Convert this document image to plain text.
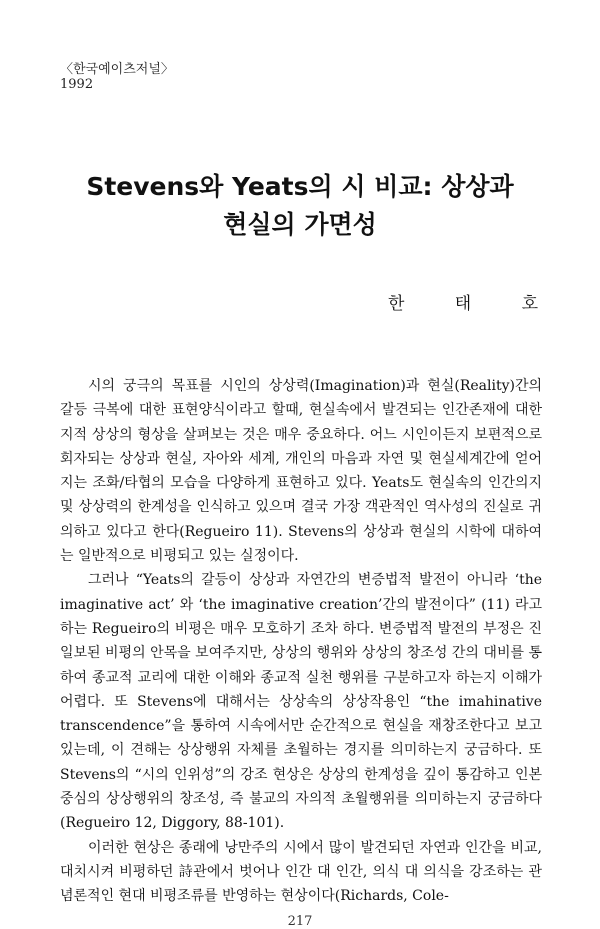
〈한국예이츠저널〉
1992
Stevens와 Yeats의 시 비교: 상상과
현실의 가면성
한	태	호

시의 궁극의 목표를 시인의 상상력(Imagination)과 현실(Reality)간의 갈등 극복에 대한 표현양식이라고 할때, 현실속에서 발견되는 인간존재에 대한 지적 상상의 형상을 살펴보는 것은 매우 중요하다. 어느 시인이든지 보편적으로 회자되는 상상과 현실, 자아와 세계, 개인의 마음과 자연 및 현실세계간에 얻어지는 조화/타협의 모습을 다양하게 표현하고 있다. Yeats도 현실속의 인간의지 및 상상력의 한계성을 인식하고 있으며 결국 가장 객관적인 역사성의 진실로 귀의하고 있다고 한다(Regueiro 11). Stevens의 상상과 현실의 시학에 대하여는 일반적으로 비평되고 있는 실정이다.

그러나 “Yeats의 갈등이 상상과 자연간의 변증법적 발전이 아니라 ‘the imaginative act’ 와 ‘the imaginative creation’간의 발전이다” (11) 라고 하는 Regueiro의 비평은 매우 모호하기 조차 하다. 변증법적 발전의 부정은 진일보된 비평의 안목을 보여주지만, 상상의 행위와 상상의 창조성 간의 대비를 통하여 종교적 교리에 대한 이해와 종교적 실천 행위를 구분하고자 하는지 이해가 어렵다. 또 Stevens에 대해서는 상상속의 상상작용인 “the imahinative transcendence”을 통하여 시속에서만 순간적으로 현실을 재창조한다고 보고 있는데, 이 견해는 상상행위 자체를 초월하는 경지를 의미하는지 궁금하다. 또 Stevens의 “시의 인위성”의 강조 현상은 상상의 한계성을 깊이 통감하고 인본 중심의 상상행위의 창조성, 즉 불교의 자의적 초월행위를 의미하는지 궁금하다(Regueiro 12, Diggory, 88-101).

이러한 현상은 종래에 낭만주의 시에서 많이 발견되던 자연과 인간을 비교, 대치시켜 비평하던 詩관에서 벗어나 인간 대 인간, 의식 대 의식을 강조하는 관념론적인 현대 비평조류를 반영하는 현상이다(Richards, Cole-

217
